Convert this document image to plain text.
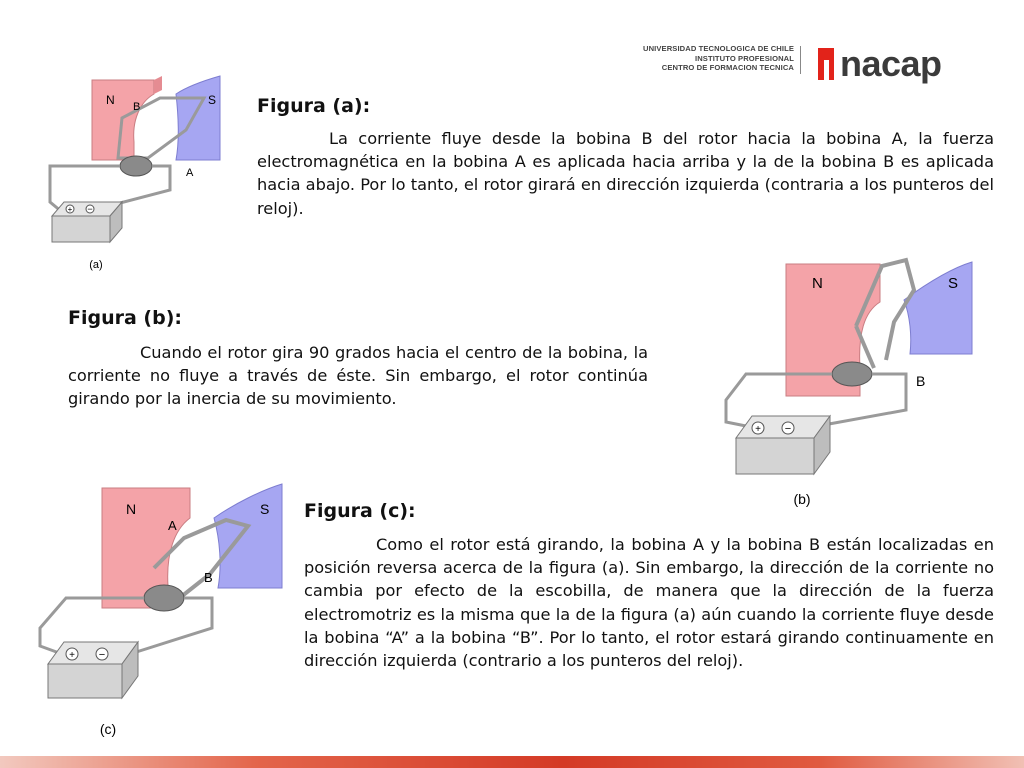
UNIVERSIDAD TECNOLOGICA DE CHILE
INSTITUTO PROFESIONAL
CENTRO DE FORMACION TECNICA nacap
Figura (a):

La corriente fluye desde la bobina B del rotor hacia la bobina A, la fuerza electromagnética en la bobina A es aplicada hacia arriba y la de la bobina B es aplicada hacia abajo. Por lo tanto, el rotor girará en dirección izquierda (contraria a los punteros del reloj).

+ −
N	S
B
A
(a)
Figura (b):

Cuando el rotor gira 90 grados hacia el centro de la bobina, la corriente no fluye a través de éste. Sin embargo, el rotor continúa girando por la inercia de su movimiento.

+ −
N	S
B
(b)
Figura (c):

Como el rotor está girando, la bobina A y la bobina B están localizadas en posición reversa acerca de la figura (a). Sin embargo, la dirección de la corriente no cambia por efecto de la escobilla, de manera que la dirección de la fuerza electromotriz es la misma que la de la figura (a) aún cuando la corriente fluye desde la bobina “A” a la bobina “B”. Por lo tanto, el rotor estará girando continuamente en dirección izquierda (contrario a los punteros del reloj).

+ −
N	S
A
B
(c)
